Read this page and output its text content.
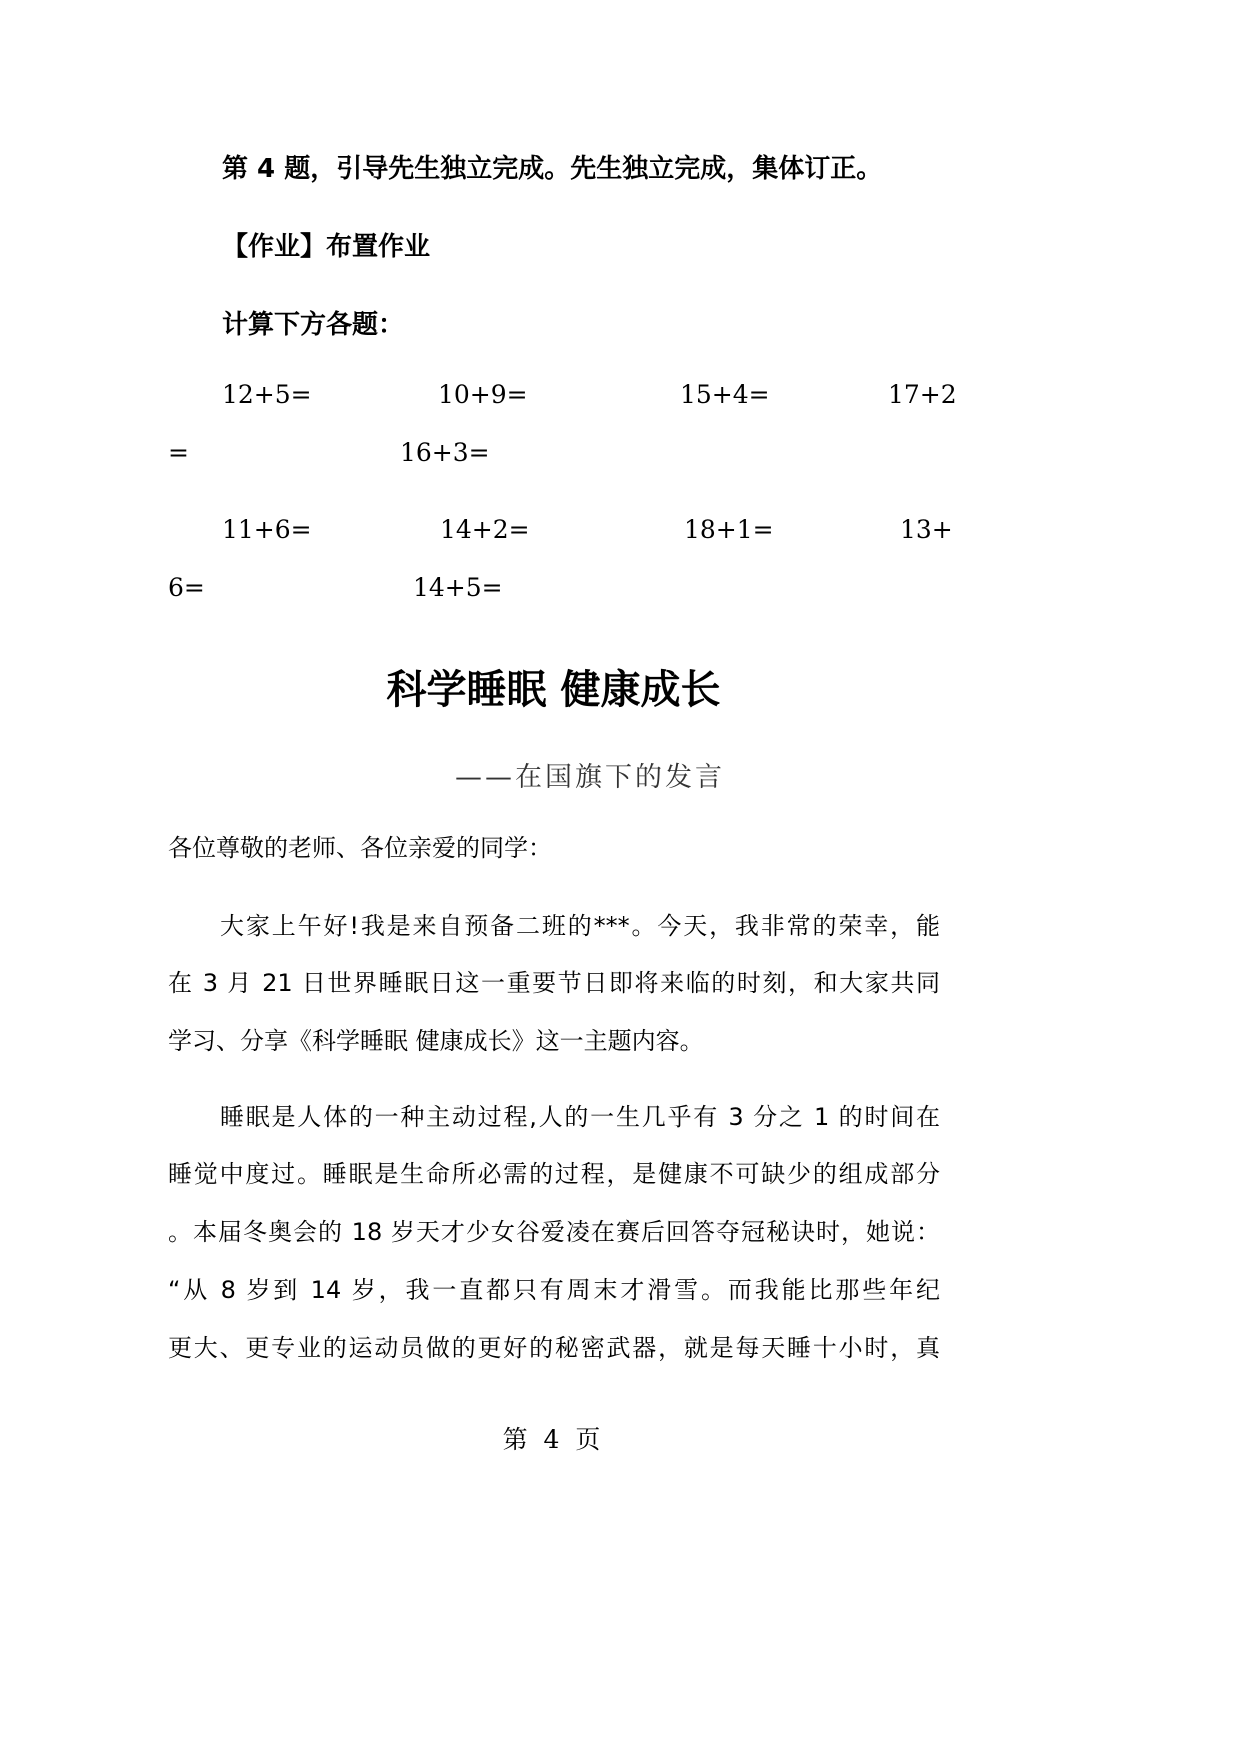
第 4 题，引导先生独立完成。先生独立完成，集体订正。
【作业】布置作业
计算下方各题：
12+5=	10+9=	15+4=	17+2
=	16+3=
11+6=	14+2=	18+1=	13+
6=	14+5=
科学睡眠 健康成长
——在国旗下的发言
各位尊敬的老师、各位亲爱的同学：
大家上午好!我是来自预备二班的***。今天，我非常的荣幸，能
在 3 月 21 日世界睡眠日这一重要节日即将来临的时刻，和大家共同
学习、分享《科学睡眠 健康成长》这一主题内容。
睡眠是人体的一种主动过程,人的一生几乎有 3 分之 1 的时间在
睡觉中度过。睡眠是生命所必需的过程，是健康不可缺少的组成部分
。本届冬奥会的 18 岁天才少女谷爱凌在赛后回答夺冠秘诀时，她说：
“从 8 岁到 14 岁，我一直都只有周末才滑雪。而我能比那些年纪
更大、更专业的运动员做的更好的秘密武器，就是每天睡十小时，真
第 4 页
